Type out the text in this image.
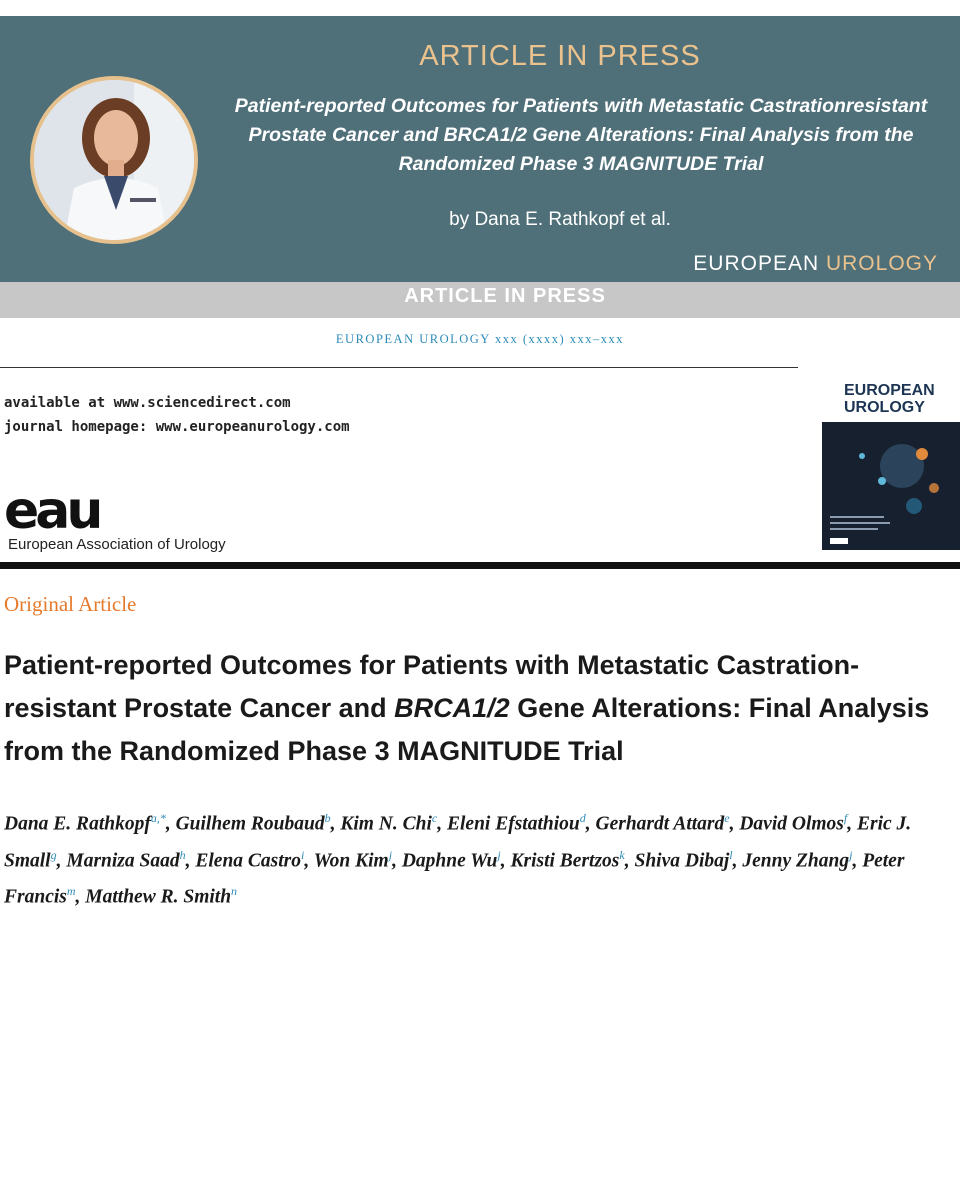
ARTICLE IN PRESS
Patient-reported Outcomes for Patients with Metastatic Castrationresistant Prostate Cancer and BRCA1/2 Gene Alterations: Final Analysis from the Randomized Phase 3 MAGNITUDE Trial
by Dana E. Rathkopf et al.
EUROPEAN UROLOGY
ARTICLE IN PRESS
EUROPEAN UROLOGY xxx (xxxx) xxx–xxx
available at www.sciencedirect.com
journal homepage: www.europeanurology.com
eau
European Association of Urology
EUROPEAN
UROLOGY
Original Article
Patient-reported Outcomes for Patients with Metastatic Castration-resistant Prostate Cancer and BRCA1/2 Gene Alterations: Final Analysis from the Randomized Phase 3 MAGNITUDE Trial
Dana E. Rathkopf$^{a,*}$, Guilhem Roubaud$^b$, Kim N. Chi$^c$, Eleni Efstathiou$^d$, Gerhardt Attard$^e$, David Olmos$^f$, Eric J. Small$^g$, Marniza Saad$^h$, Elena Castro$^i$, Won Kim$^j$, Daphne Wu$^j$, Kristi Bertzos$^k$, Shiva Dibaj$^l$, Jenny Zhang$^j$, Peter Francis$^m$, Matthew R. Smith$^n$
